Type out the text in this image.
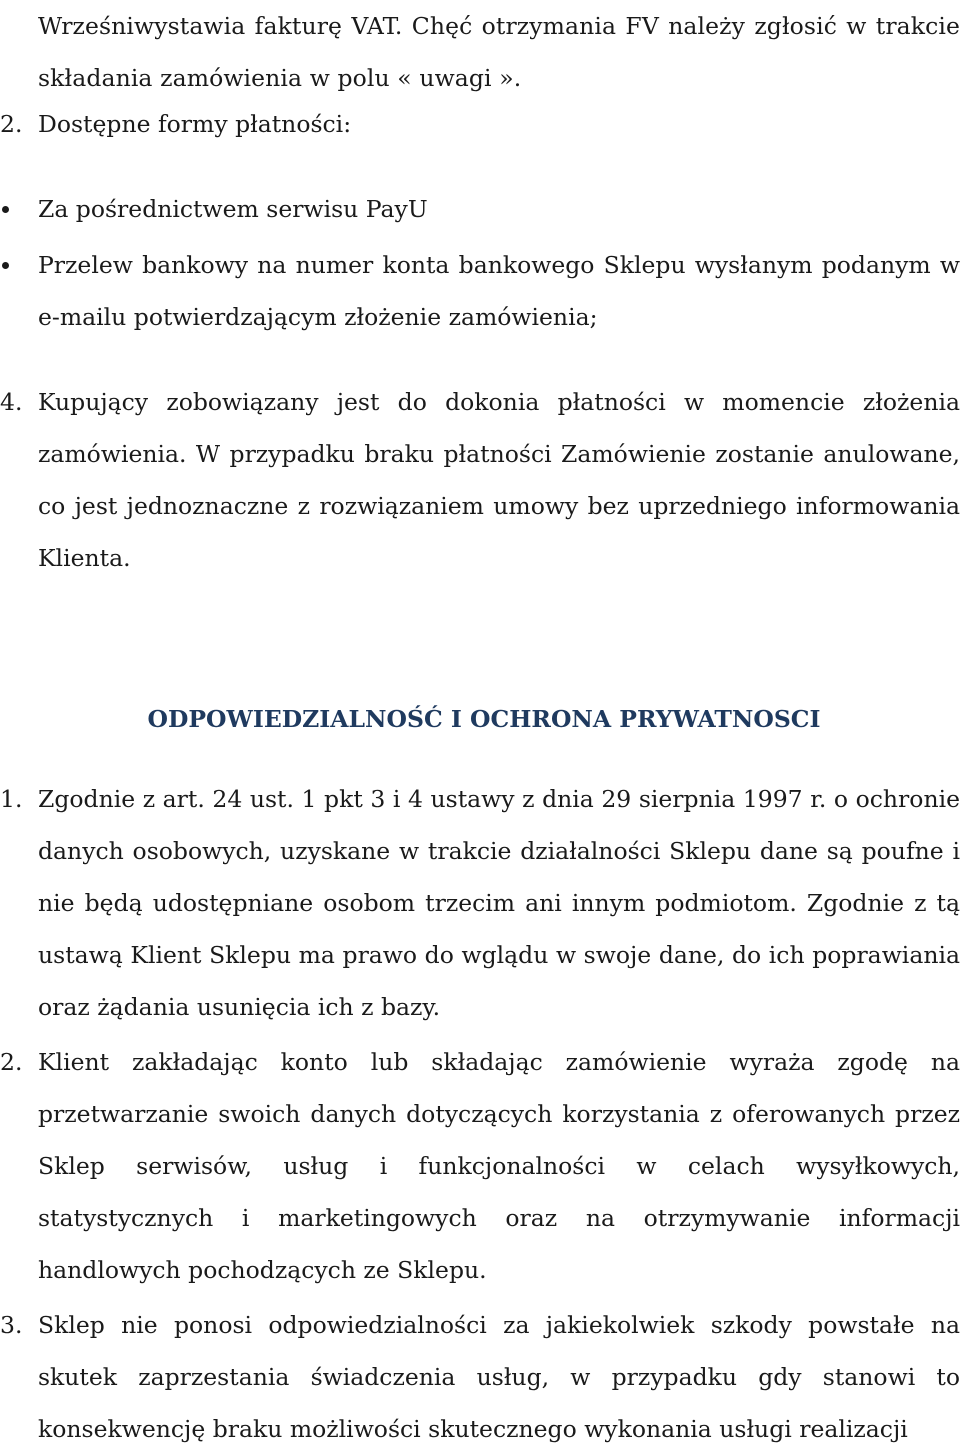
Wrześniwystawia fakturę VAT. Chęć otrzymania FV należy zgłosić w trakcie składania zamówienia w polu « uwagi ».

2. Dostępne formy płatności:

Za pośrednictwem serwisu PayU

Przelew bankowy na numer konta bankowego Sklepu wysłanym podanym w e-mailu potwierdzającym złożenie zamówienia;

4. Kupujący zobowiązany jest do dokonia płatności w momencie złożenia zamówienia. W przypadku braku płatności Zamówienie zostanie anulowane, co jest jednoznaczne z rozwiązaniem umowy bez uprzedniego informowania Klienta.

ODPOWIEDZIALNOŚĆ I OCHRONA PRYWATNOSCI
1. Zgodnie z art. 24 ust. 1 pkt 3 i 4 ustawy z dnia 29 sierpnia 1997 r. o ochronie danych osobowych, uzyskane w trakcie działalności Sklepu dane są poufne i nie będą udostępniane osobom trzecim ani innym podmiotom. Zgodnie z tą ustawą Klient Sklepu ma prawo do wglądu w swoje dane, do ich poprawiania oraz żądania usunięcia ich z bazy.

2. Klient zakładając konto lub składając zamówienie wyraża zgodę na przetwarzanie swoich danych dotyczących korzystania z oferowanych przez Sklep serwisów, usług i funkcjonalności w celach wysyłkowych, statystycznych i marketingowych oraz na otrzymywanie informacji handlowych pochodzących ze Sklepu.

3. Sklep nie ponosi odpowiedzialności za jakiekolwiek szkody powstałe na skutek zaprzestania świadczenia usług, w przypadku gdy stanowi to konsekwencję braku możliwości skutecznego wykonania usługi realizacji
